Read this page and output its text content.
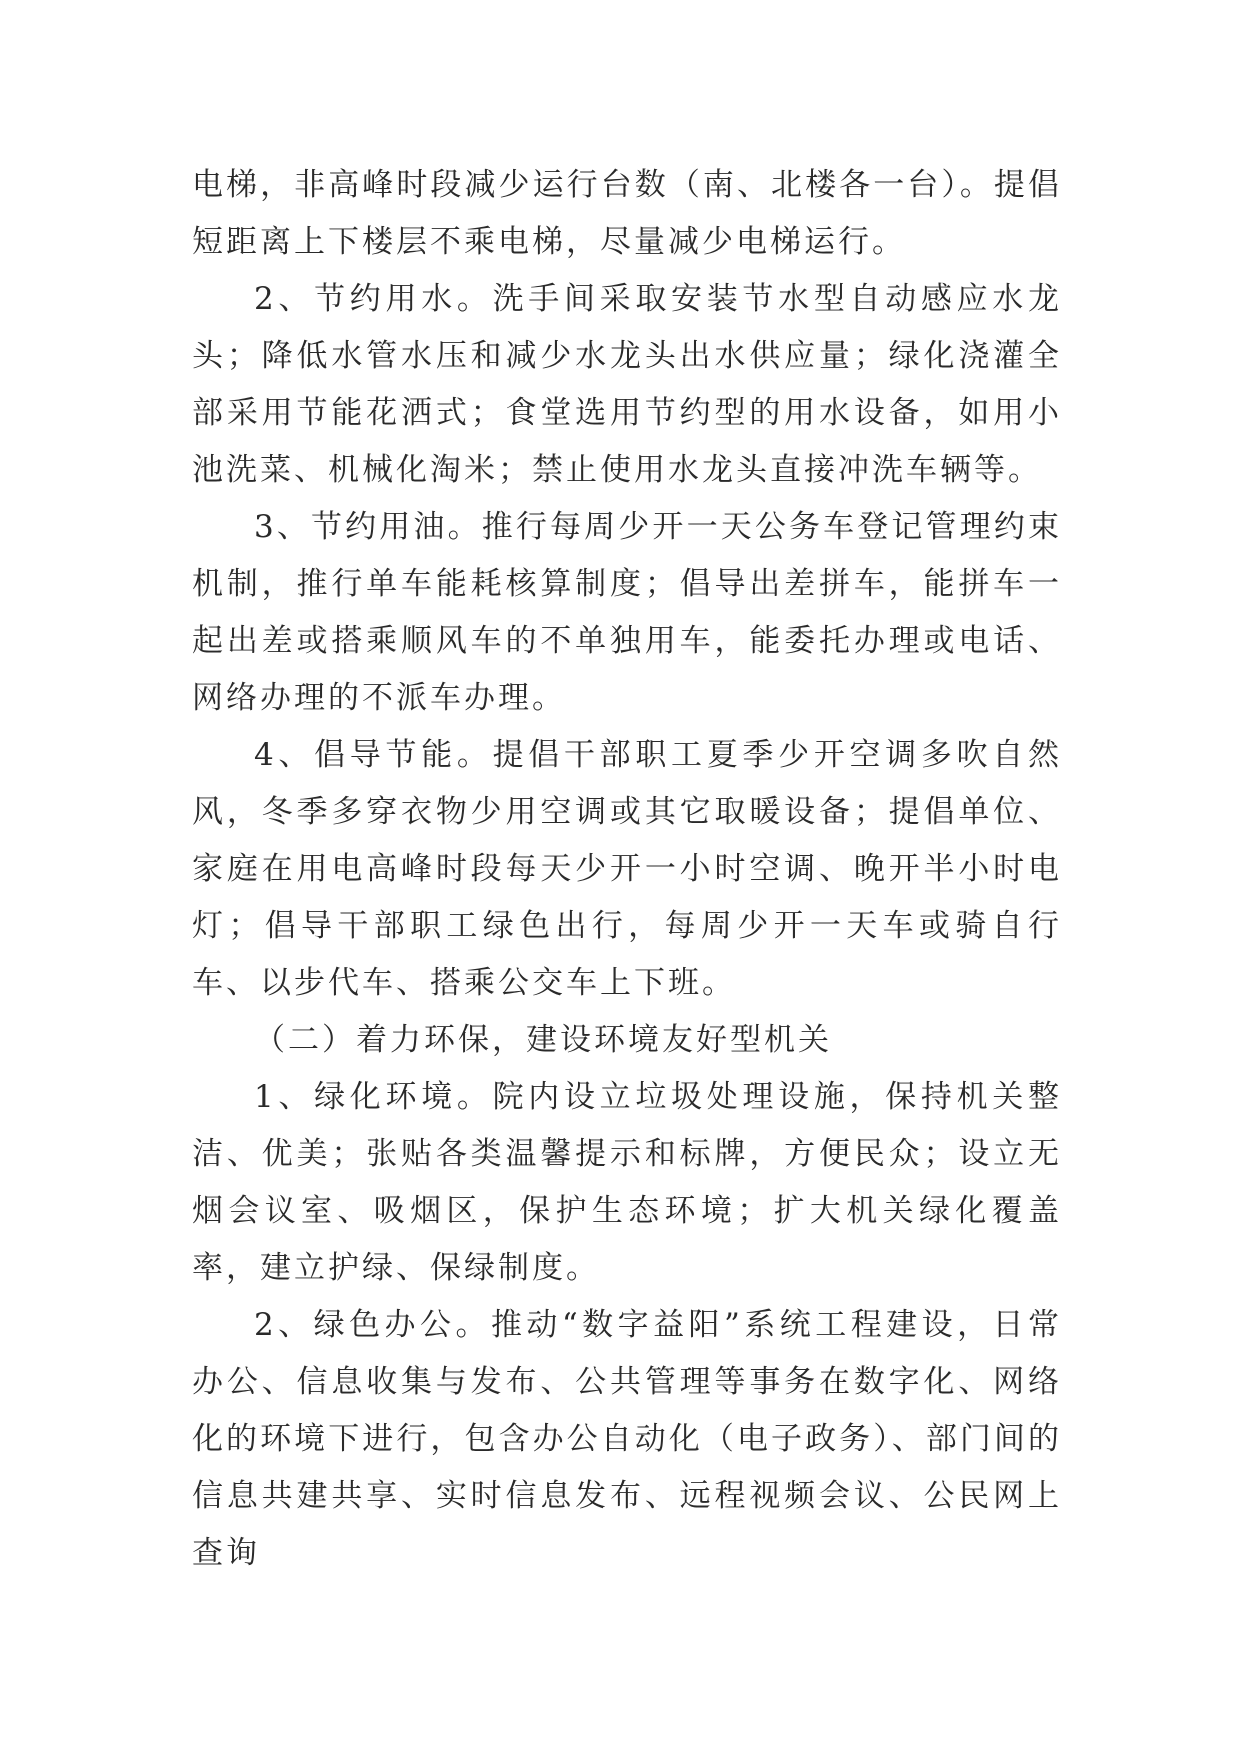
电梯，非高峰时段减少运行台数（南、北楼各一台）。提倡短距离上下楼层不乘电梯，尽量减少电梯运行。

2、节约用水。洗手间采取安装节水型自动感应水龙头；降低水管水压和减少水龙头出水供应量；绿化浇灌全部采用节能花洒式；食堂选用节约型的用水设备，如用小池洗菜、机械化淘米；禁止使用水龙头直接冲洗车辆等。

3、节约用油。推行每周少开一天公务车登记管理约束机制，推行单车能耗核算制度；倡导出差拼车，能拼车一起出差或搭乘顺风车的不单独用车，能委托办理或电话、网络办理的不派车办理。

4、倡导节能。提倡干部职工夏季少开空调多吹自然风，冬季多穿衣物少用空调或其它取暖设备；提倡单位、家庭在用电高峰时段每天少开一小时空调、晚开半小时电灯；倡导干部职工绿色出行，每周少开一天车或骑自行车、以步代车、搭乘公交车上下班。

（二）着力环保，建设环境友好型机关

1、绿化环境。院内设立垃圾处理设施，保持机关整洁、优美；张贴各类温馨提示和标牌，方便民众；设立无烟会议室、吸烟区，保护生态环境；扩大机关绿化覆盖率，建立护绿、保绿制度。

2、绿色办公。推动“数字益阳”系统工程建设，日常办公、信息收集与发布、公共管理等事务在数字化、网络化的环境下进行，包含办公自动化（电子政务）、部门间的信息共建共享、实时信息发布、远程视频会议、公民网上查询
